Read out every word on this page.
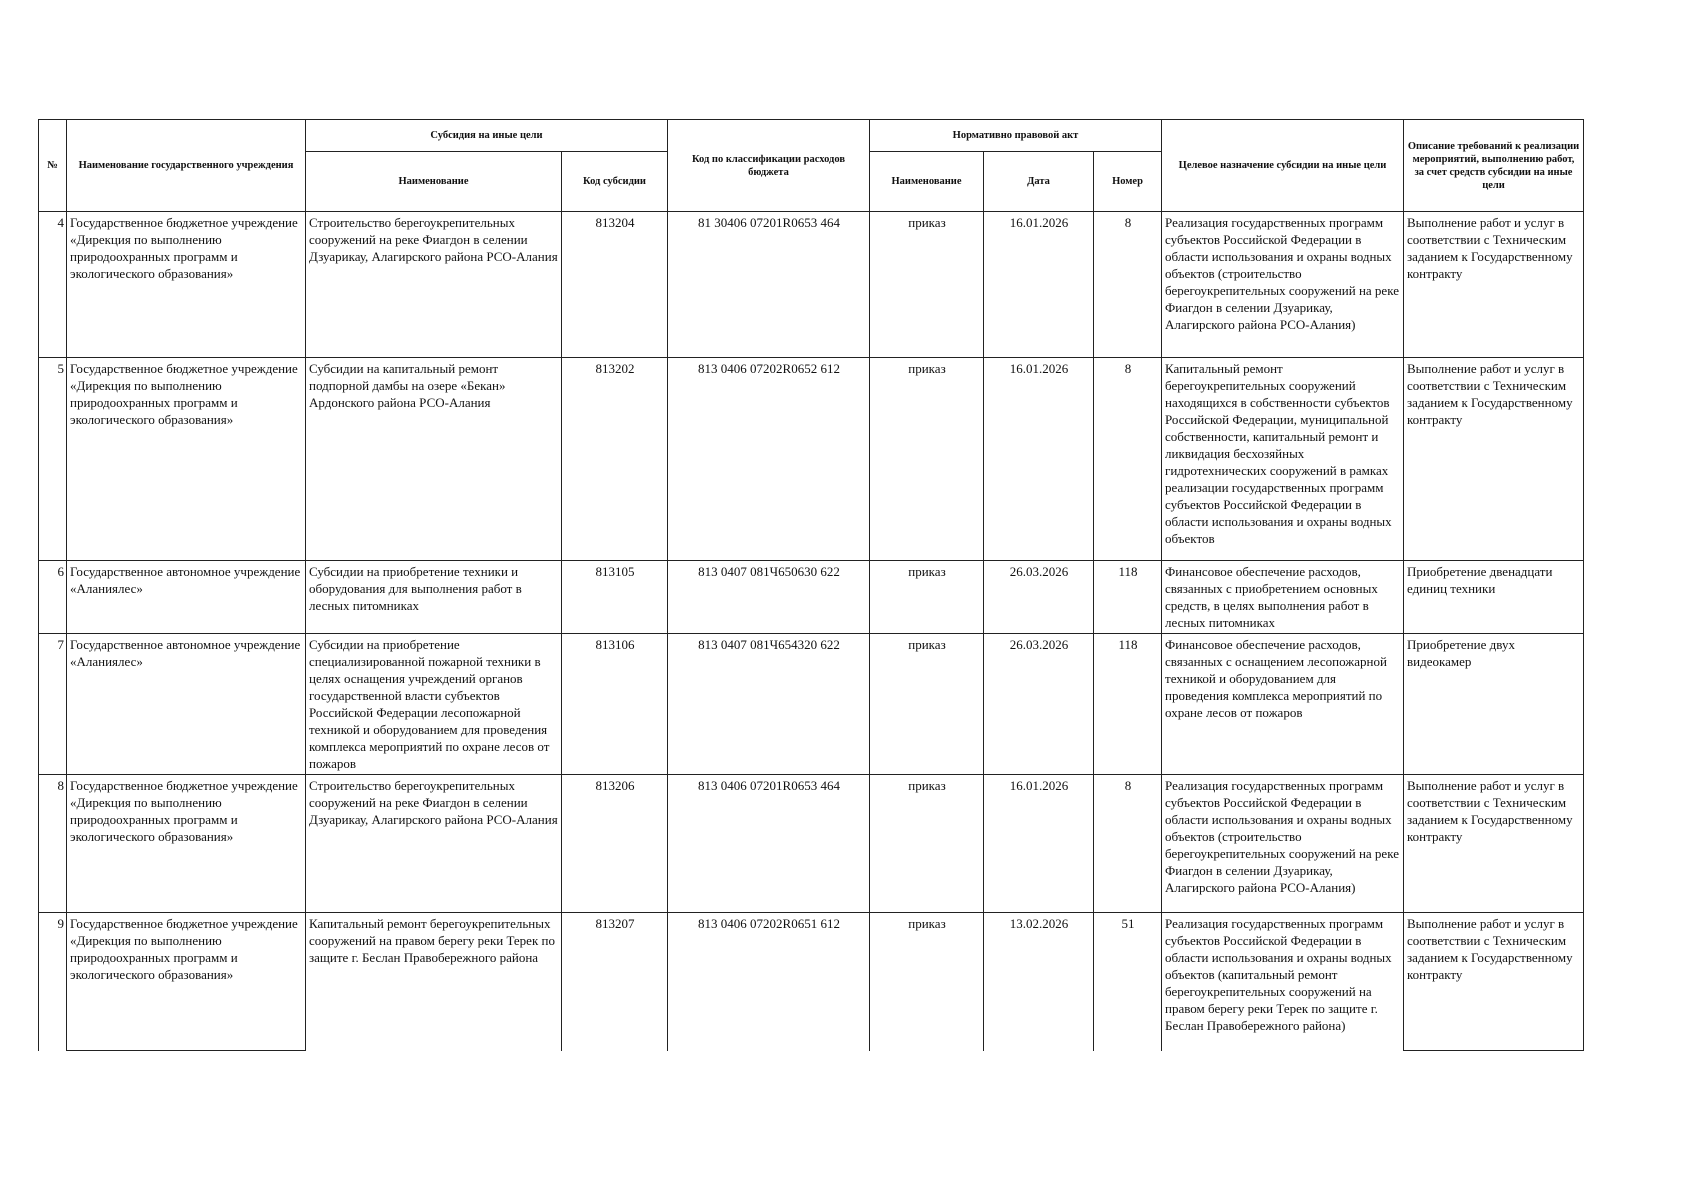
№	Наименование государственного учреждения	Субсидия на иные цели		Код по классификации расходов бюджета	Нормативно правовой акт			Целевое назначение субсидии на иные цели	Описание требований к реализации мероприятий, выполнению работ, за счет средств субсидии на иные цели
		Наименование	Код субсидии		Наименование	Дата	Номер		
4	Государственное бюджетное учреждение «Дирекция по выполнению природоохранных программ и экологического образования»	Строительство берегоукрепительных сооружений на реке Фиагдон в селении Дзуарикау, Алагирского района РСО-Алания	813204	81 30406 07201R0653 464	приказ	16.01.2026	8	Реализация государственных программ субъектов Российской Федерации в области использования и охраны водных объектов (строительство берегоукрепительных сооружений на реке Фиагдон в селении Дзуарикау, Алагирского района РСО-Алания)	Выполнение работ и услуг в соответствии с Техническим заданием к Государственному контракту
5	Государственное бюджетное учреждение «Дирекция по выполнению природоохранных программ и экологического образования»	Субсидии на капитальный ремонт подпорной дамбы на озере «Бекан» Ардонского района РСО-Алания	813202	813 0406 07202R0652 612	приказ	16.01.2026	8	Капитальный ремонт берегоукрепительных сооружений находящихся в собственности субъектов Российской Федерации, муниципальной собственности, капитальный ремонт и ликвидация бесхозяйных гидротехнических сооружений в рамках реализации государственных программ субъектов Российской Федерации в области использования и охраны водных объектов	Выполнение работ и услуг в соответствии с Техническим заданием к Государственному контракту
6	Государственное автономное учреждение «Аланиялес»	Субсидии на приобретение техники и оборудования для выполнения работ в лесных питомниках	813105	813 0407 081Ч650630 622	приказ	26.03.2026	118	Финансовое обеспечение расходов, связанных с приобретением основных средств, в целях выполнения работ в лесных питомниках	Приобретение двенадцати единиц техники
7	Государственное автономное учреждение «Аланиялес»	Субсидии на приобретение специализированной пожарной техники в целях оснащения учреждений органов государственной власти субъектов Российской Федерации лесопожарной техникой и оборудованием для проведения комплекса мероприятий по охране лесов от пожаров	813106	813 0407 081Ч654320 622	приказ	26.03.2026	118	Финансовое обеспечение расходов, связанных с оснащением лесопожарной техникой и оборудованием для проведения комплекса мероприятий по охране лесов от пожаров	Приобретение двух видеокамер
8	Государственное бюджетное учреждение «Дирекция по выполнению природоохранных программ и экологического образования»	Строительство берегоукрепительных сооружений на реке Фиагдон в селении Дзуарикау, Алагирского района РСО-Алания	813206	813 0406 07201R0653 464	приказ	16.01.2026	8	Реализация государственных программ субъектов Российской Федерации в области использования и охраны водных объектов (строительство берегоукрепительных сооружений на реке Фиагдон в селении Дзуарикау, Алагирского района РСО-Алания)	Выполнение работ и услуг в соответствии с Техническим заданием к Государственному контракту
9	Государственное бюджетное учреждение «Дирекция по выполнению природоохранных программ и экологического образования»	Капитальный ремонт берегоукрепительных сооружений на правом берегу реки Терек по защите г. Беслан Правобережного района	813207	813 0406 07202R0651 612	приказ	13.02.2026	51	Реализация государственных программ субъектов Российской Федерации в области использования и охраны водных объектов (капитальный ремонт берегоукрепительных сооружений на правом берегу реки Терек по защите г. Беслан Правобережного района)	Выполнение работ и услуг в соответствии с Техническим заданием к Государственному контракту
